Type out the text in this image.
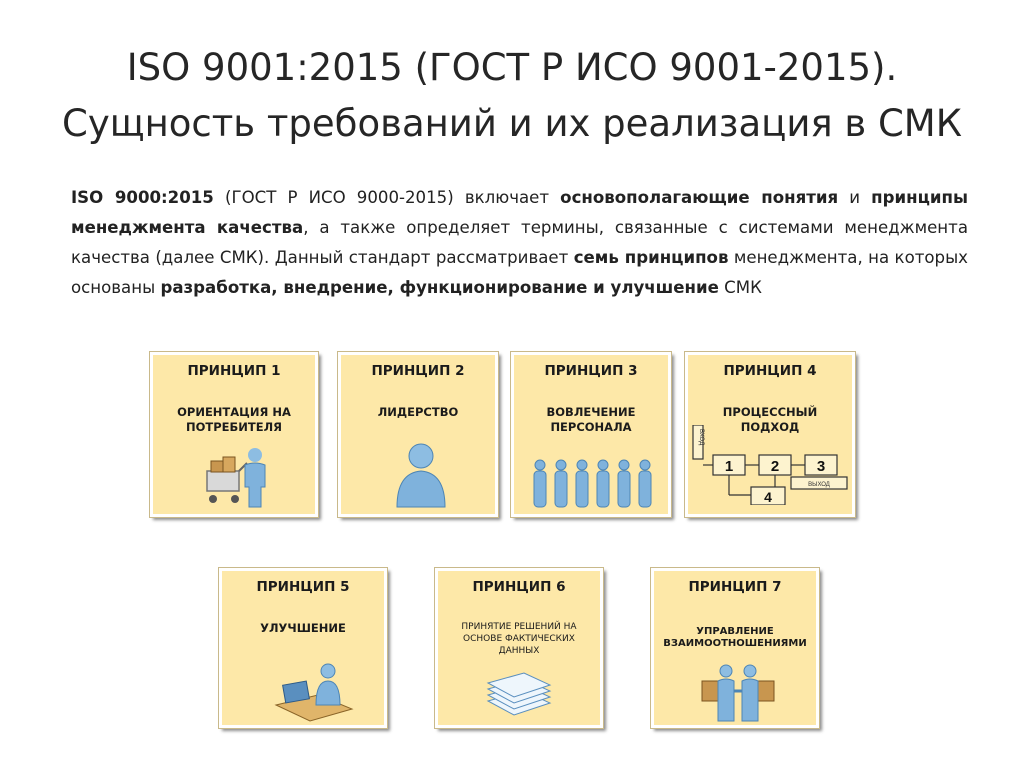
ISO 9001:2015 (ГОСТ Р ИСО 9001-2015).
Сущность требований и их реализация в СМК

ISO 9000:2015 (ГОСТ Р ИСО 9000-2015) включает основополагающие понятия и принципы менеджмента качества, а также определяет термины, связанные с системами менеджмента качества (далее СМК). Данный стандарт рассматривает семь принципов менеджмента, на которых основаны разработка, внедрение, функционирование и улучшение СМК

ПРИНЦИП 1
ОРИЕНТАЦИЯ НА ПОТРЕБИТЕЛЯ
ПРИНЦИП 2
ЛИДЕРСТВО
ПРИНЦИП 3
ВОВЛЕЧЕНИЕ ПЕРСОНАЛА
ПРИНЦИП 4
ПРОЦЕССНЫЙ ПОДХОД
1	2	3
4
ВХОД
ВЫХОД
ПРИНЦИП 5
УЛУЧШЕНИЕ
ПРИНЦИП 6
ПРИНЯТИЕ РЕШЕНИЙ НА ОСНОВЕ ФАКТИЧЕСКИХ ДАННЫХ
ПРИНЦИП 7
УПРАВЛЕНИЕ ВЗАИМООТНОШЕНИЯМИ
